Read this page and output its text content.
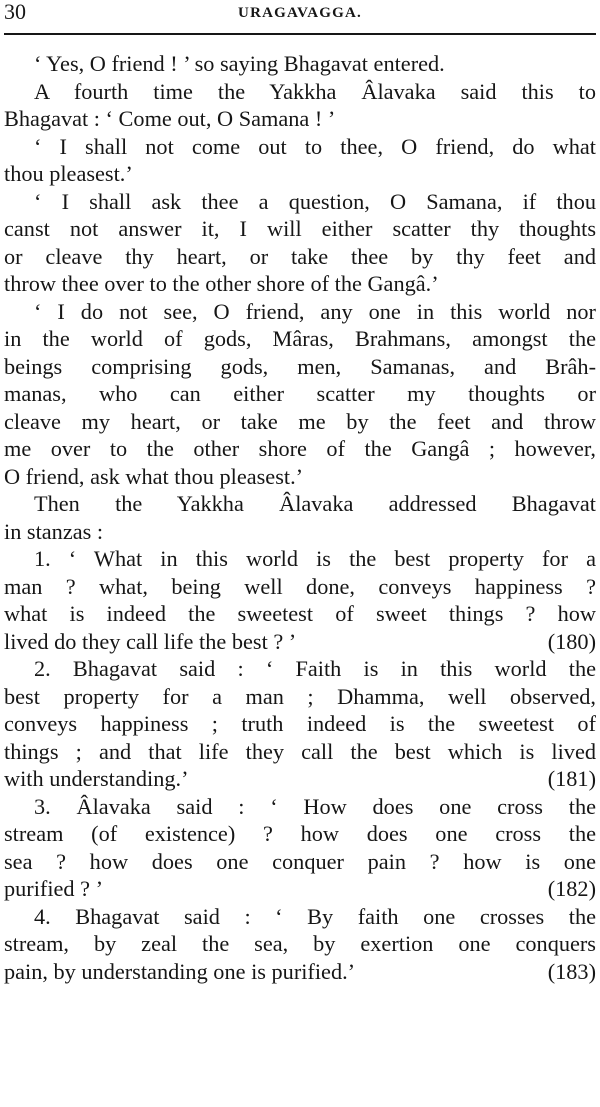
30	URAGAVAGGA.
‘ Yes, O friend ! ’ so saying Bhagavat entered.
A fourth time the Yakkha Âlavaka said this to
Bhagavat : ‘ Come out, O Samana ! ’
‘ I shall not come out to thee, O friend, do what
thou pleasest.’
‘ I shall ask thee a question, O Samana, if thou
canst not answer it, I will either scatter thy thoughts
or cleave thy heart, or take thee by thy feet and
throw thee over to the other shore of the Gangâ.’
‘ I do not see, O friend, any one in this world nor
in the world of gods, Mâras, Brahmans, amongst the
beings comprising gods, men, Samanas, and Brâh-
manas, who can either scatter my thoughts or
cleave my heart, or take me by the feet and throw
me over to the other shore of the Gangâ ; however,
O friend, ask what thou pleasest.’
Then the Yakkha Âlavaka addressed Bhagavat
in stanzas :
1. ‘ What in this world is the best property for a
man ? what, being well done, conveys happiness ?
what is indeed the sweetest of sweet things ? how
lived do they call life the best ? ’	(180)
2. Bhagavat said : ‘ Faith is in this world the
best property for a man ; Dhamma, well observed,
conveys happiness ; truth indeed is the sweetest of
things ; and that life they call the best which is lived
with understanding.’	(181)
3. Âlavaka said : ‘ How does one cross the
stream (of existence) ? how does one cross the
sea ? how does one conquer pain ? how is one
purified ? ’	(182)
4. Bhagavat said : ‘ By faith one crosses the
stream, by zeal the sea, by exertion one conquers
pain, by understanding one is purified.’	(183)
